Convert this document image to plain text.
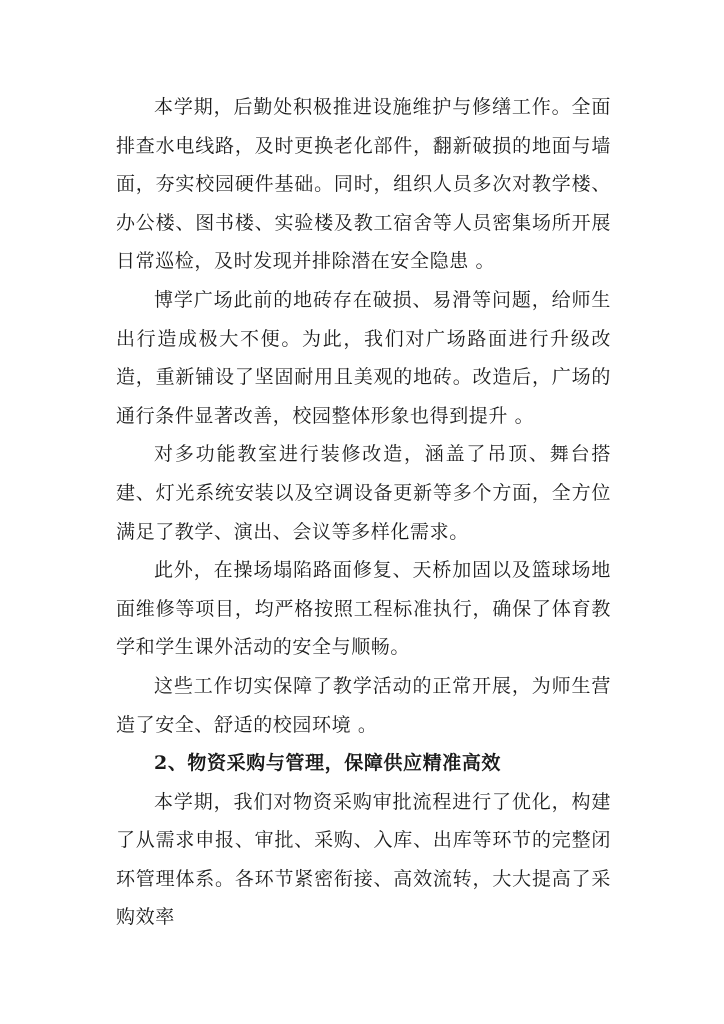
本学期，后勤处积极推进设施维护与修缮工作。全面排查水电线路，及时更换老化部件，翻新破损的地面与墙面，夯实校园硬件基础。同时，组织人员多次对教学楼、办公楼、图书楼、实验楼及教工宿舍等人员密集场所开展日常巡检，及时发现并排除潜在安全隐患 。

博学广场此前的地砖存在破损、易滑等问题，给师生出行造成极大不便。为此，我们对广场路面进行升级改造，重新铺设了坚固耐用且美观的地砖。改造后，广场的通行条件显著改善，校园整体形象也得到提升 。

对多功能教室进行装修改造，涵盖了吊顶、舞台搭建、灯光系统安装以及空调设备更新等多个方面，全方位满足了教学、演出、会议等多样化需求。

此外，在操场塌陷路面修复、天桥加固以及篮球场地面维修等项目，均严格按照工程标准执行，确保了体育教学和学生课外活动的安全与顺畅。

这些工作切实保障了教学活动的正常开展，为师生营造了安全、舒适的校园环境 。

2、物资采购与管理，保障供应精准高效

本学期，我们对物资采购审批流程进行了优化，构建了从需求申报、审批、采购、入库、出库等环节的完整闭环管理体系。各环节紧密衔接、高效流转，大大提高了采购效率
